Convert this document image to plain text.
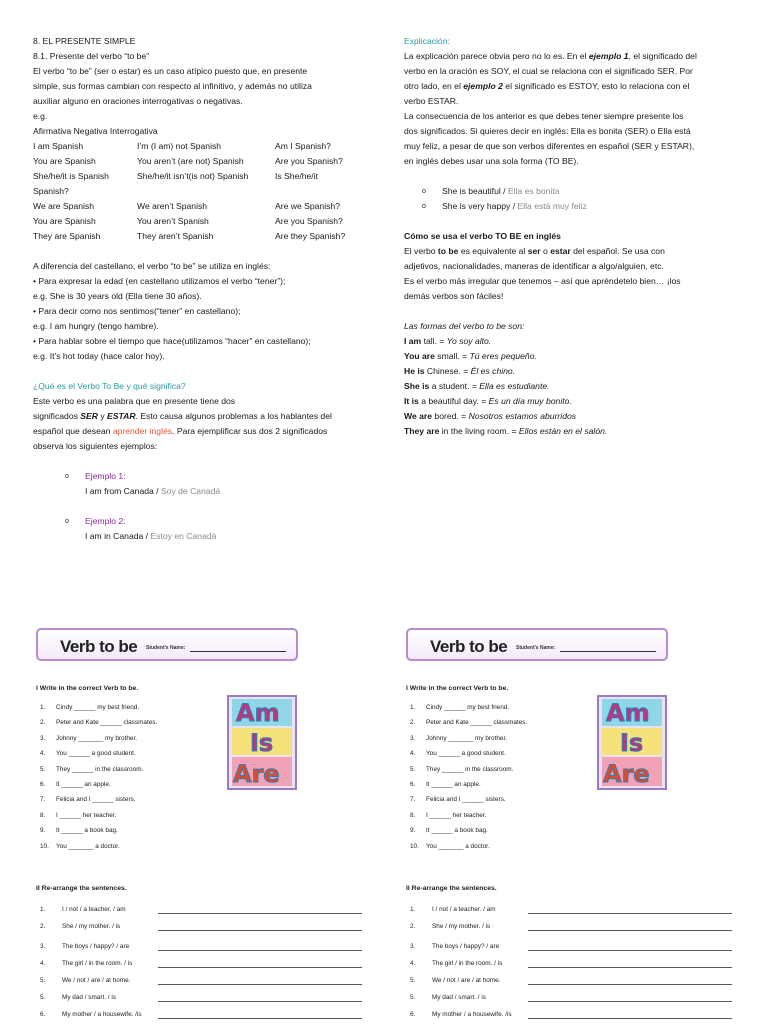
8. EL PRESENTE SIMPLE

8.1. Presente del verbo “to be”

El verbo “to be” (ser o estar) es un caso atípico puesto que, en presente

simple, sus formas cambian con respecto al infinitivo, y además no utiliza

auxiliar alguno en oraciones interrogativas o negativas.

e.g.

Afirmativa Negativa Interrogativa

I am Spanish	I’m (I am) not Spanish	Am I Spanish?
You are Spanish	You aren’t (are not) Spanish	Are you Spanish?
She/he/it is Spanish	She/he/it isn’t(is not) Spanish	Is She/he/it
Spanish?
We are Spanish	We aren’t Spanish	Are we Spanish?
You are Spanish	You aren’t Spanish	Are you Spanish?
They are Spanish	They aren’t Spanish	Are they Spanish?

A diferencia del castellano, el verbo “to be” se utiliza en inglés:

• Para expresar la edad (en castellano utilizamos el verbo “tener”);

e.g. She is 30 years old (Ella tiene 30 años).

• Para decir como nos sentimos(“tener” en castellano);

e.g. I am hungry (tengo hambre).

• Para hablar sobre el tiempo que hace(utilizamos “hacer” en castellano);

e.g. It’s hot today (hace calor hoy).

¿Qué es el Verbo To Be y qué significa?

Este verbo es una palabra que en presente tiene dos

significados SER y ESTAR. Esto causa algunos problemas a los hablantes del

español que desean aprender inglés. Para ejemplificar sus dos 2 significados

observa los siguientes ejemplos:

o Ejemplo 1:

I am from Canada / Soy de Canadá

o Ejemplo 2:

I am in Canada / Estoy en Canadá

Explicación:

La explicación parece obvia pero no lo es. En el ejemplo 1, el significado del

verbo en la oración es SOY, el cual se relaciona con el significado SER. Por

otro lado, en el ejemplo 2 el significado es ESTOY, esto lo relaciona con el

verbo ESTAR.

La consecuencia de los anterior es que debes tener siempre presente los

dos significados. Si quieres decir en inglés: Ella es bonita (SER) o Ella está

muy feliz, a pesar de que son verbos diferentes en español (SER y ESTAR),

en inglés debes usar una sola forma (TO BE).

o She is beautiful / Ella es bonita
o She is very happy / Ella está muy feliz

Cómo se usa el verbo TO BE en inglés

El verbo to be es equivalente al ser o estar del español. Se usa con

adjetivos, nacionalidades, maneras de identificar a algo/alguien, etc.

Es el verbo más irregular que tenemos – así que apréndetelo bien… ¡los

demás verbos son fáciles!

Las formas del verbo to be son:

I am tall. = Yo soy alto.

You are small. = Tú eres pequeño.

He is Chinese. = Él es chino.

She is a student. = Ella es estudiante.

It is a beautiful day. = Es un día muy bonito.

We are bored. = Nosotros estamos aburridos

They are in the living room. = Ellos están en el salón.

Verb to be Student’s Name:
I Write in the correct Verb to be.
1. Cindy ______ my best friend.
2. Peter and Kate ______ classmates.
3. Johnny _______ my brother.
4. You ______ a good student.
5. They ______ in the classroom.
6. It ______ an apple.
7. Felicia and I ______ sisters.
8. I ______ her teacher.
9. It ______ a book bag.
10. You _______ a doctor.
Am
Is
Are
II Re-arrange the sentences.
1.	I / not / a teacher. / am
2.	She / my mother. / is
3.	The boys / happy? / are
4.	The girl / in the room. / is
5.	We / not / are / at home.
5.	My dad / smart. / is
6.	My mother / a housewife. /is
Verb to be Student’s Name:
I Write in the correct Verb to be.
1. Cindy ______ my best friend.
2. Peter and Kate ______ classmates.
3. Johnny _______ my brother.
4. You ______ a good student.
5. They ______ in the classroom.
6. It ______ an apple.
7. Felicia and I ______ sisters.
8. I ______ her teacher.
9. It ______ a book bag.
10. You _______ a doctor.
Am
Is
Are
II Re-arrange the sentences.
1.	I / not / a teacher. / am
2.	She / my mother. / is
3.	The boys / happy? / are
4.	The girl / in the room. / is
5.	We / not / are / at home.
5.	My dad / smart. / is
6.	My mother / a housewife. /is
